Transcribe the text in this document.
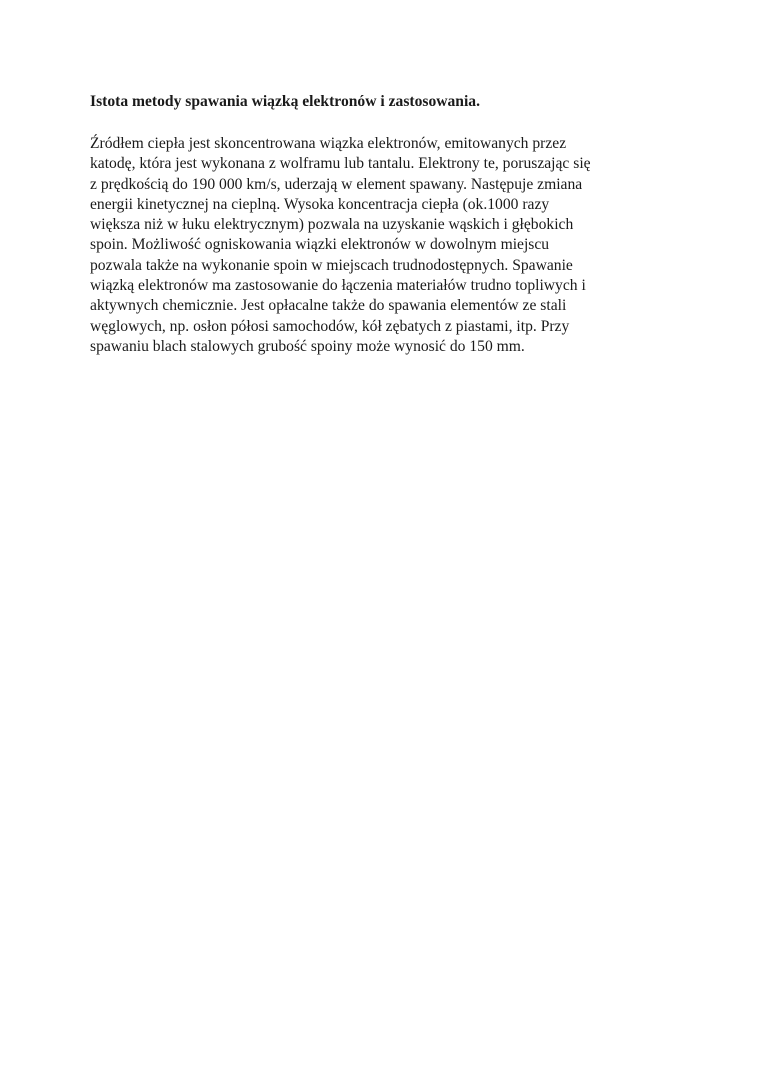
Istota metody spawania wiązką elektronów i zastosowania.

Źródłem ciepła jest skoncentrowana wiązka elektronów, emitowanych przez
katodę, która jest wykonana z wolframu lub tantalu. Elektrony te, poruszając się
z prędkością do 190 000 km/s, uderzają w element spawany. Następuje zmiana
energii kinetycznej na cieplną. Wysoka koncentracja ciepła (ok.1000 razy
większa niż w łuku elektrycznym) pozwala na uzyskanie wąskich i głębokich
spoin. Możliwość ogniskowania wiązki elektronów w dowolnym miejscu
pozwala także na wykonanie spoin w miejscach trudnodostępnych. Spawanie
wiązką elektronów ma zastosowanie do łączenia materiałów trudno topliwych i
aktywnych chemicznie. Jest opłacalne także do spawania elementów ze stali
węglowych, np. osłon półosi samochodów, kół zębatych z piastami, itp. Przy
spawaniu blach stalowych grubość spoiny może wynosić do 150 mm.
